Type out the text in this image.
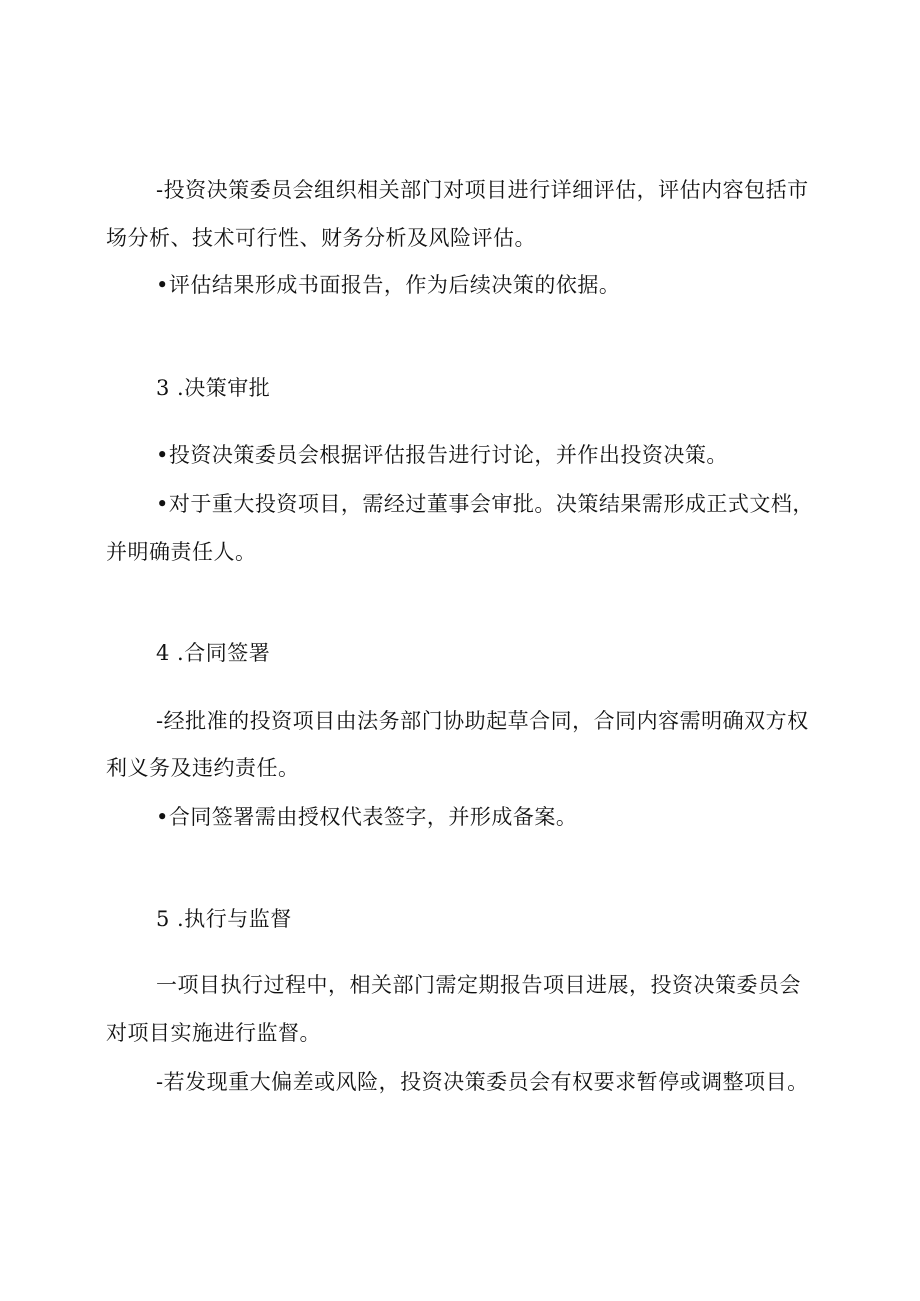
-投资决策委员会组织相关部门对项目进行详细评估，评估内容包括市
场分析、技术可行性、财务分析及风险评估。
•评估结果形成书面报告，作为后续决策的依据。
3 .决策审批
•投资决策委员会根据评估报告进行讨论，并作出投资决策。
•对于重大投资项目，需经过董事会审批。决策结果需形成正式文档，
并明确责任人。
4 .合同签署
-经批准的投资项目由法务部门协助起草合同，合同内容需明确双方权
利义务及违约责任。
•合同签署需由授权代表签字，并形成备案。
5 .执行与监督
一项目执行过程中，相关部门需定期报告项目进展，投资决策委员会
对项目实施进行监督。
-若发现重大偏差或风险，投资决策委员会有权要求暂停或调整项目。
